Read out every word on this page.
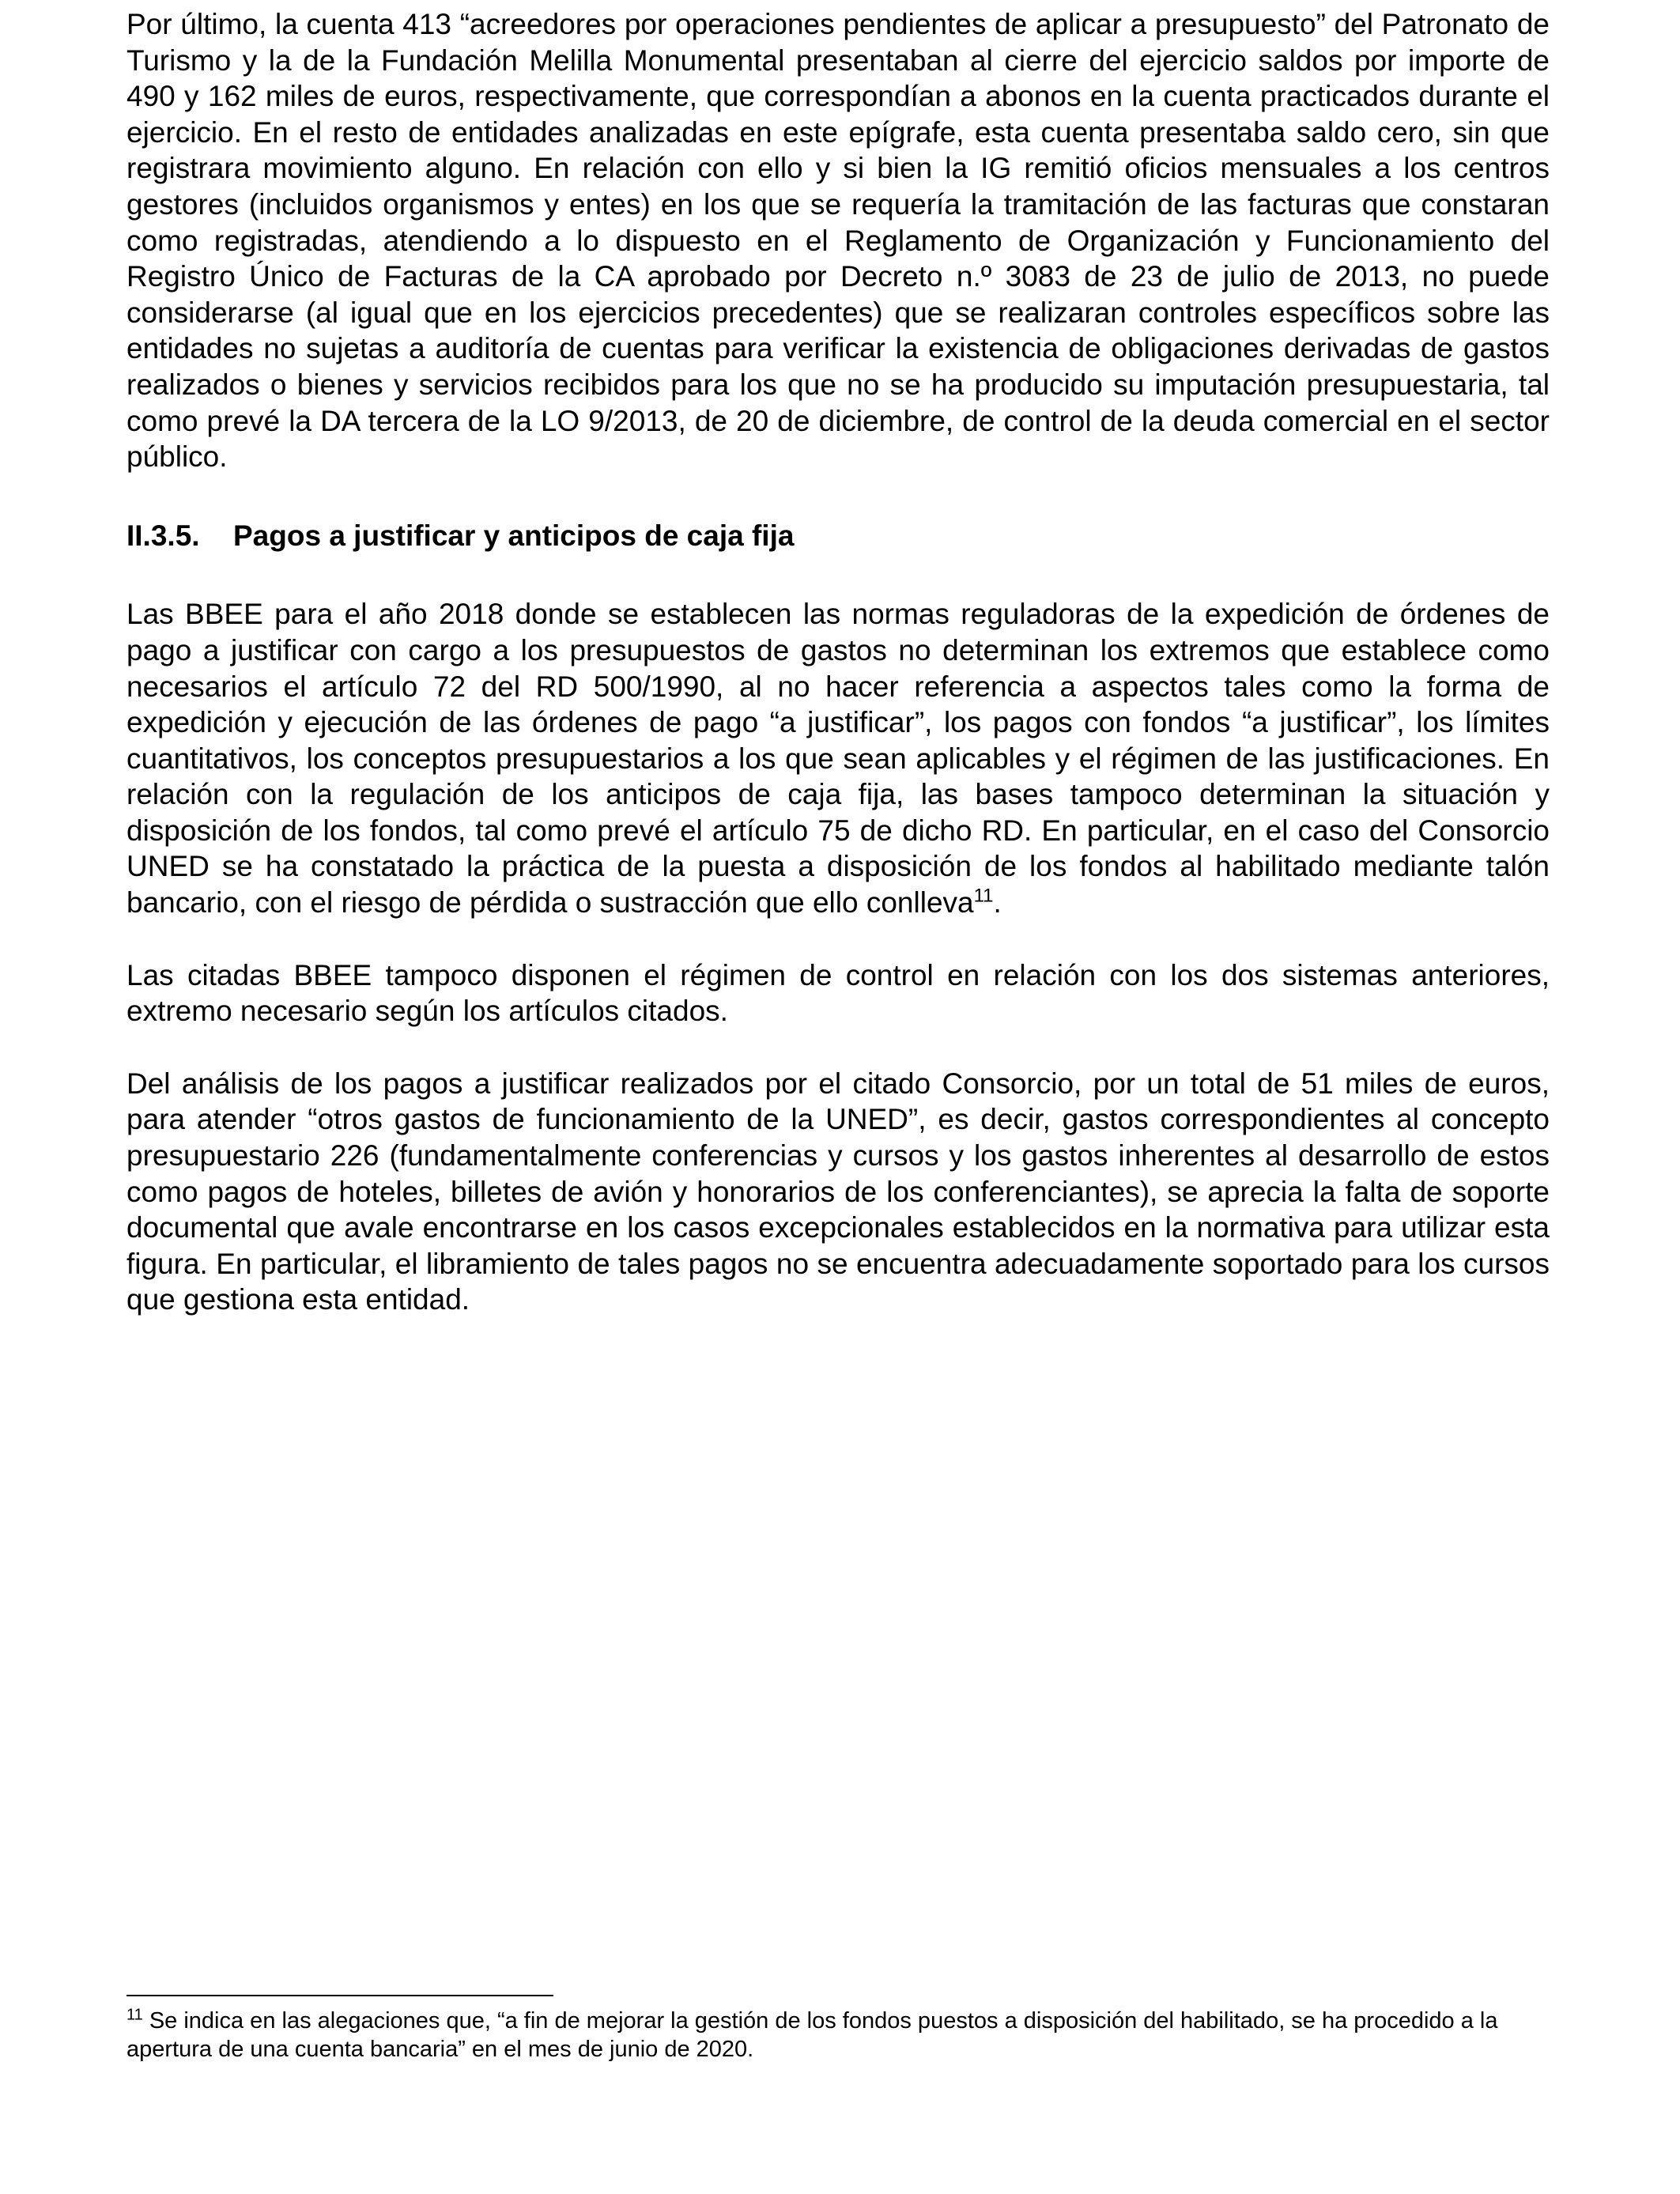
Por último, la cuenta 413 “acreedores por operaciones pendientes de aplicar a presupuesto” del Patronato de Turismo y la de la Fundación Melilla Monumental presentaban al cierre del ejercicio saldos por importe de 490 y 162 miles de euros, respectivamente, que correspondían a abonos en la cuenta practicados durante el ejercicio. En el resto de entidades analizadas en este epígrafe, esta cuenta presentaba saldo cero, sin que registrara movimiento alguno. En relación con ello y si bien la IG remitió oficios mensuales a los centros gestores (incluidos organismos y entes) en los que se requería la tramitación de las facturas que constaran como registradas, atendiendo a lo dispuesto en el Reglamento de Organización y Funcionamiento del Registro Único de Facturas de la CA aprobado por Decreto n.º 3083 de 23 de julio de 2013, no puede considerarse (al igual que en los ejercicios precedentes) que se realizaran controles específicos sobre las entidades no sujetas a auditoría de cuentas para verificar la existencia de obligaciones derivadas de gastos realizados o bienes y servicios recibidos para los que no se ha producido su imputación presupuestaria, tal como prevé la DA tercera de la LO 9/2013, de 20 de diciembre, de control de la deuda comercial en el sector público.

II.3.5. Pagos a justificar y anticipos de caja fija

Las BBEE para el año 2018 donde se establecen las normas reguladoras de la expedición de órdenes de pago a justificar con cargo a los presupuestos de gastos no determinan los extremos que establece como necesarios el artículo 72 del RD 500/1990, al no hacer referencia a aspectos tales como la forma de expedición y ejecución de las órdenes de pago “a justificar”, los pagos con fondos “a justificar”, los límites cuantitativos, los conceptos presupuestarios a los que sean aplicables y el régimen de las justificaciones. En relación con la regulación de los anticipos de caja fija, las bases tampoco determinan la situación y disposición de los fondos, tal como prevé el artículo 75 de dicho RD. En particular, en el caso del Consorcio UNED se ha constatado la práctica de la puesta a disposición de los fondos al habilitado mediante talón bancario, con el riesgo de pérdida o sustracción que ello conlleva$^{11}$.

Las citadas BBEE tampoco disponen el régimen de control en relación con los dos sistemas anteriores, extremo necesario según los artículos citados.

Del análisis de los pagos a justificar realizados por el citado Consorcio, por un total de 51 miles de euros, para atender “otros gastos de funcionamiento de la UNED”, es decir, gastos correspondientes al concepto presupuestario 226 (fundamentalmente conferencias y cursos y los gastos inherentes al desarrollo de estos como pagos de hoteles, billetes de avión y honorarios de los conferenciantes), se aprecia la falta de soporte documental que avale encontrarse en los casos excepcionales establecidos en la normativa para utilizar esta figura. En particular, el libramiento de tales pagos no se encuentra adecuadamente soportado para los cursos que gestiona esta entidad.

$^{11}$ Se indica en las alegaciones que, “a fin de mejorar la gestión de los fondos puestos a disposición del habilitado, se ha procedido a la apertura de una cuenta bancaria” en el mes de junio de 2020.
